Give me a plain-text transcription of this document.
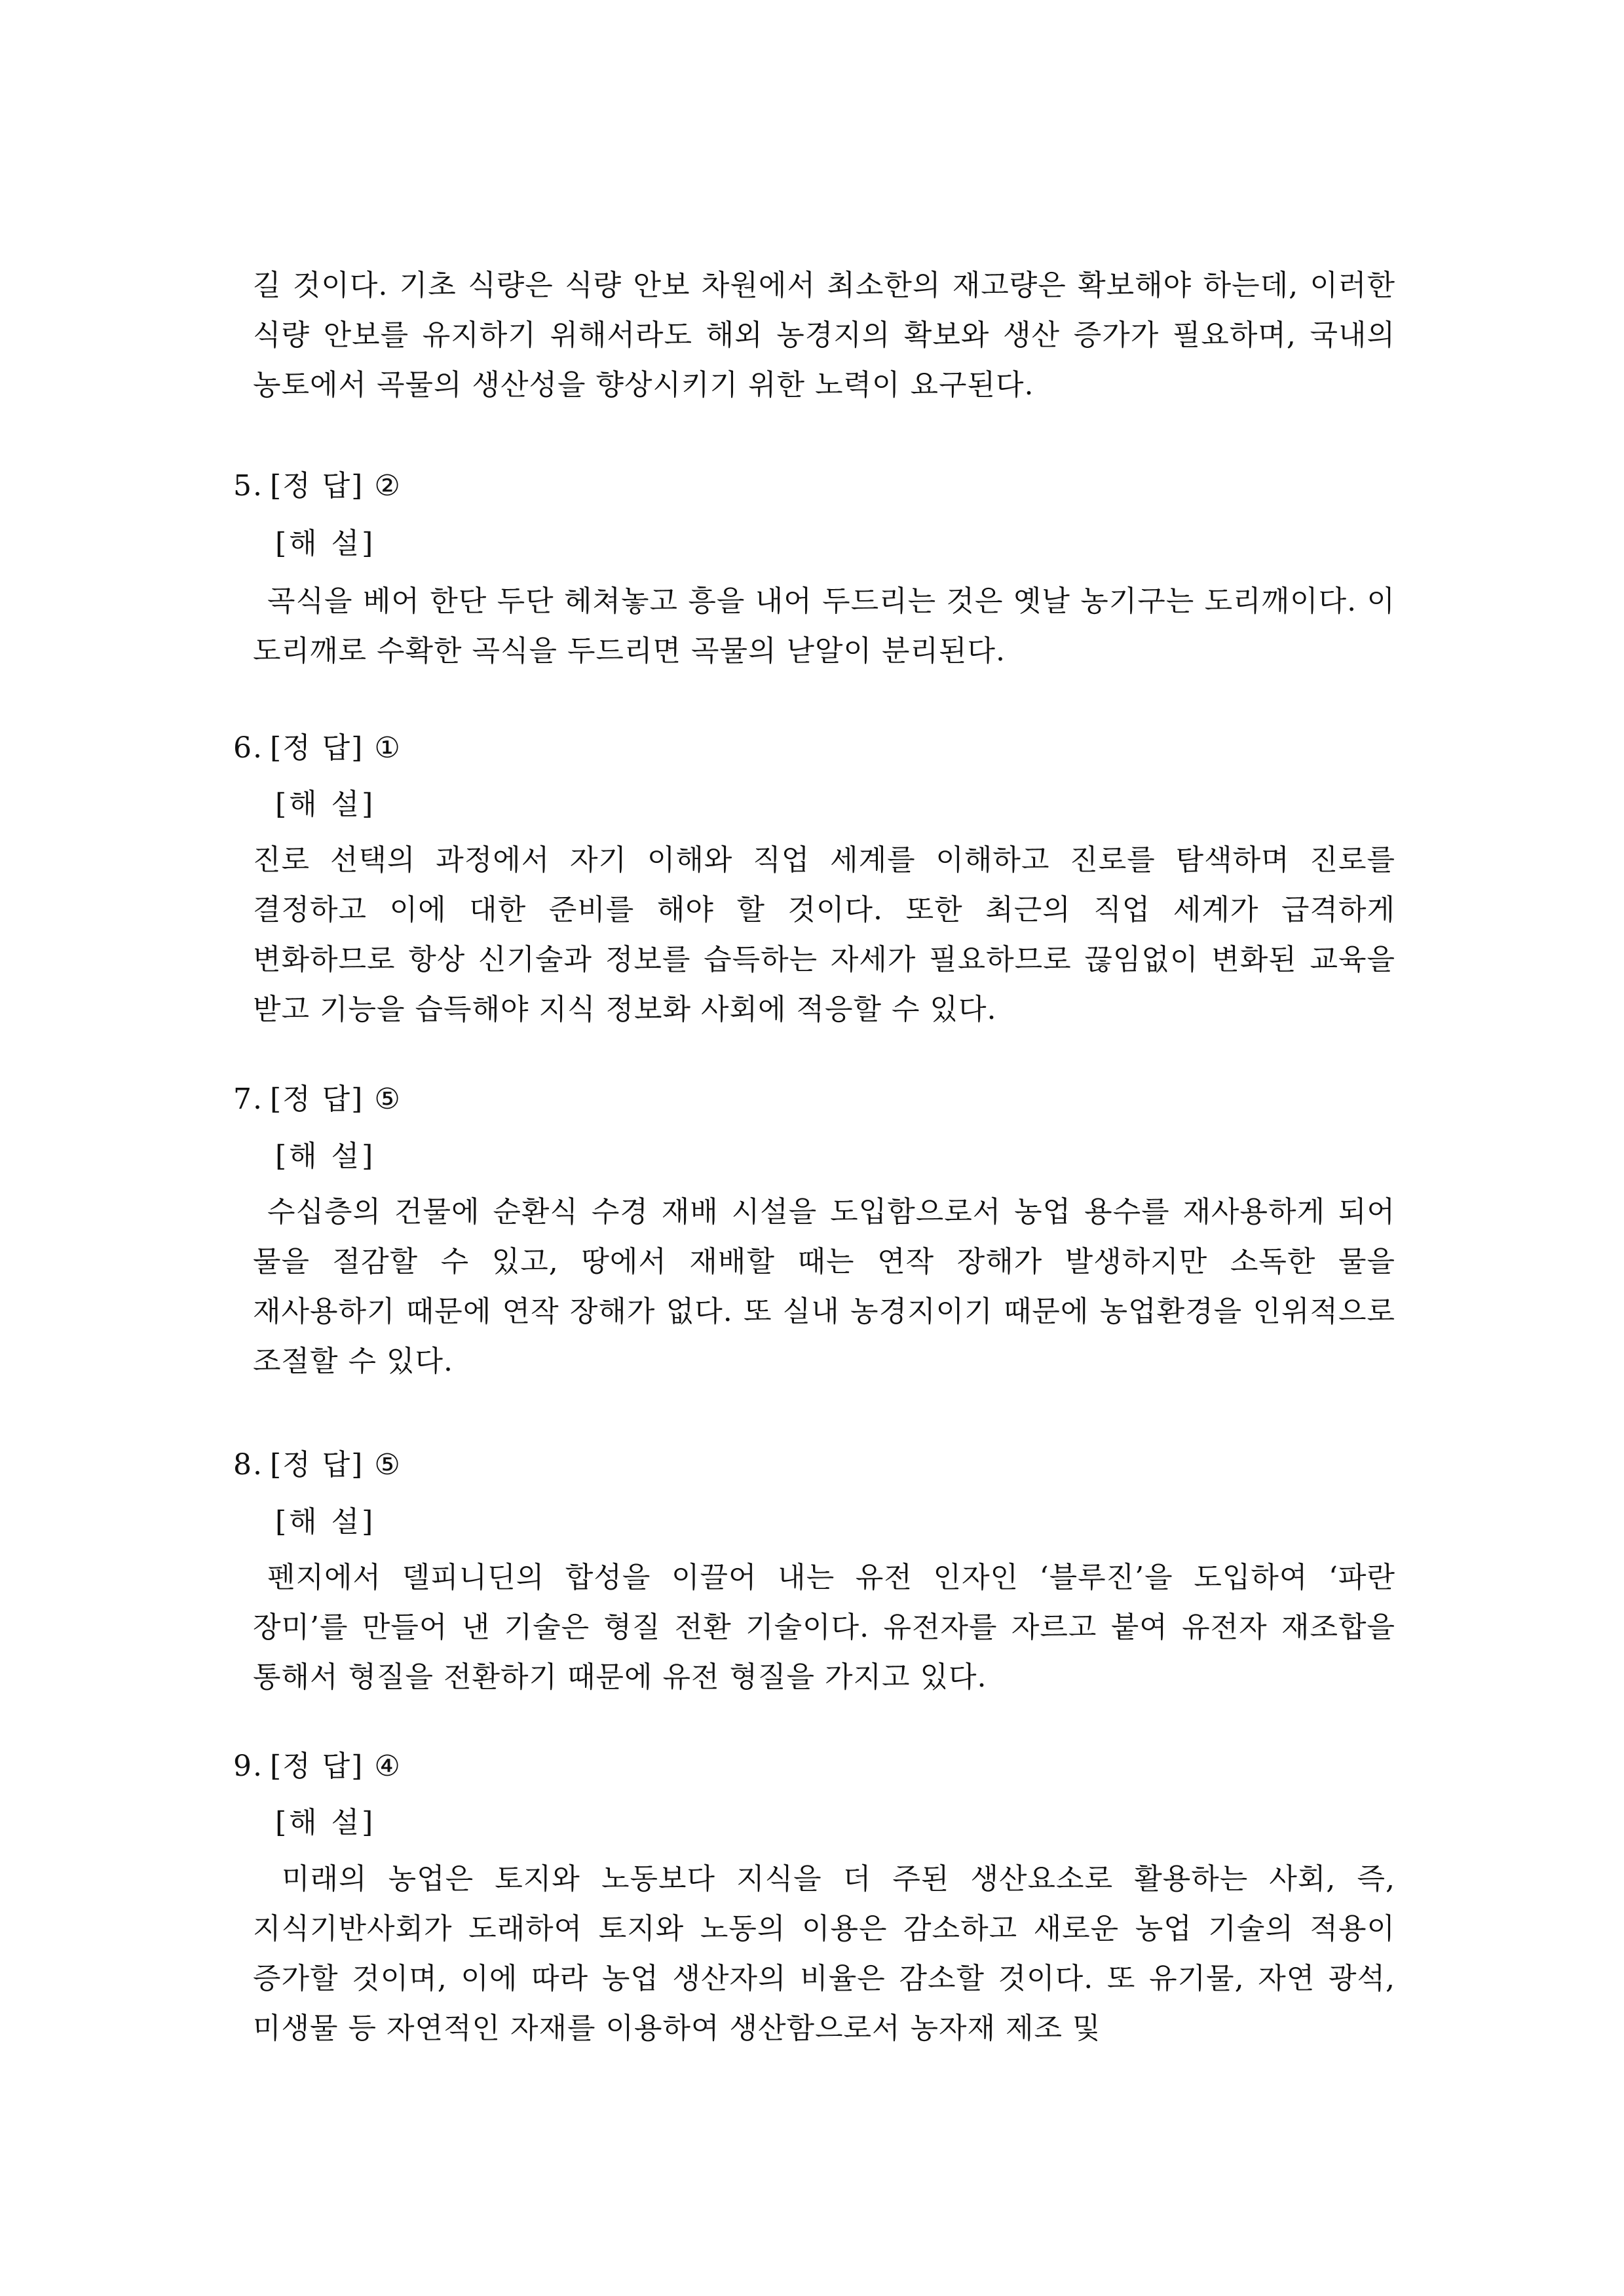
길 것이다. 기초 식량은 식량 안보 차원에서 최소한의 재고량은 확보해야 하는데, 이러한 식량 안보를 유지하기 위해서라도 해외 농경지의 확보와 생산 증가가 필요하며, 국내의 농토에서 곡물의 생산성을 향상시키기 위한 노력이 요구된다.
5. [정 답] ②
[해 설]
곡식을 베어 한단 두단 헤쳐놓고 흥을 내어 두드리는 것은 옛날 농기구는 도리깨이다. 이 도리깨로 수확한 곡식을 두드리면 곡물의 낟알이 분리된다.
6. [정 답] ①
[해 설]
진로 선택의 과정에서 자기 이해와 직업 세계를 이해하고 진로를 탐색하며 진로를 결정하고 이에 대한 준비를 해야 할 것이다. 또한 최근의 직업 세계가 급격하게 변화하므로 항상 신기술과 정보를 습득하는 자세가 필요하므로 끊임없이 변화된 교육을 받고 기능을 습득해야 지식 정보화 사회에 적응할 수 있다.
7. [정 답] ⑤
[해 설]
수십층의 건물에 순환식 수경 재배 시설을 도입함으로서 농업 용수를 재사용하게 되어 물을 절감할 수 있고, 땅에서 재배할 때는 연작 장해가 발생하지만 소독한 물을 재사용하기 때문에 연작 장해가 없다. 또 실내 농경지이기 때문에 농업환경을 인위적으로 조절할 수 있다.
8. [정 답] ⑤
[해 설]
펜지에서 델피니딘의 합성을 이끌어 내는 유전 인자인 ‘블루진’을 도입하여 ‘파란 장미’를 만들어 낸 기술은 형질 전환 기술이다. 유전자를 자르고 붙여 유전자 재조합을 통해서 형질을 전환하기 때문에 유전 형질을 가지고 있다.
9. [정 답] ④
[해 설]
미래의 농업은 토지와 노동보다 지식을 더 주된 생산요소로 활용하는 사회, 즉, 지식기반사회가 도래하여 토지와 노동의 이용은 감소하고 새로운 농업 기술의 적용이 증가할 것이며, 이에 따라 농업 생산자의 비율은 감소할 것이다. 또 유기물, 자연 광석, 미생물 등 자연적인 자재를 이용하여 생산함으로서 농자재 제조 및
